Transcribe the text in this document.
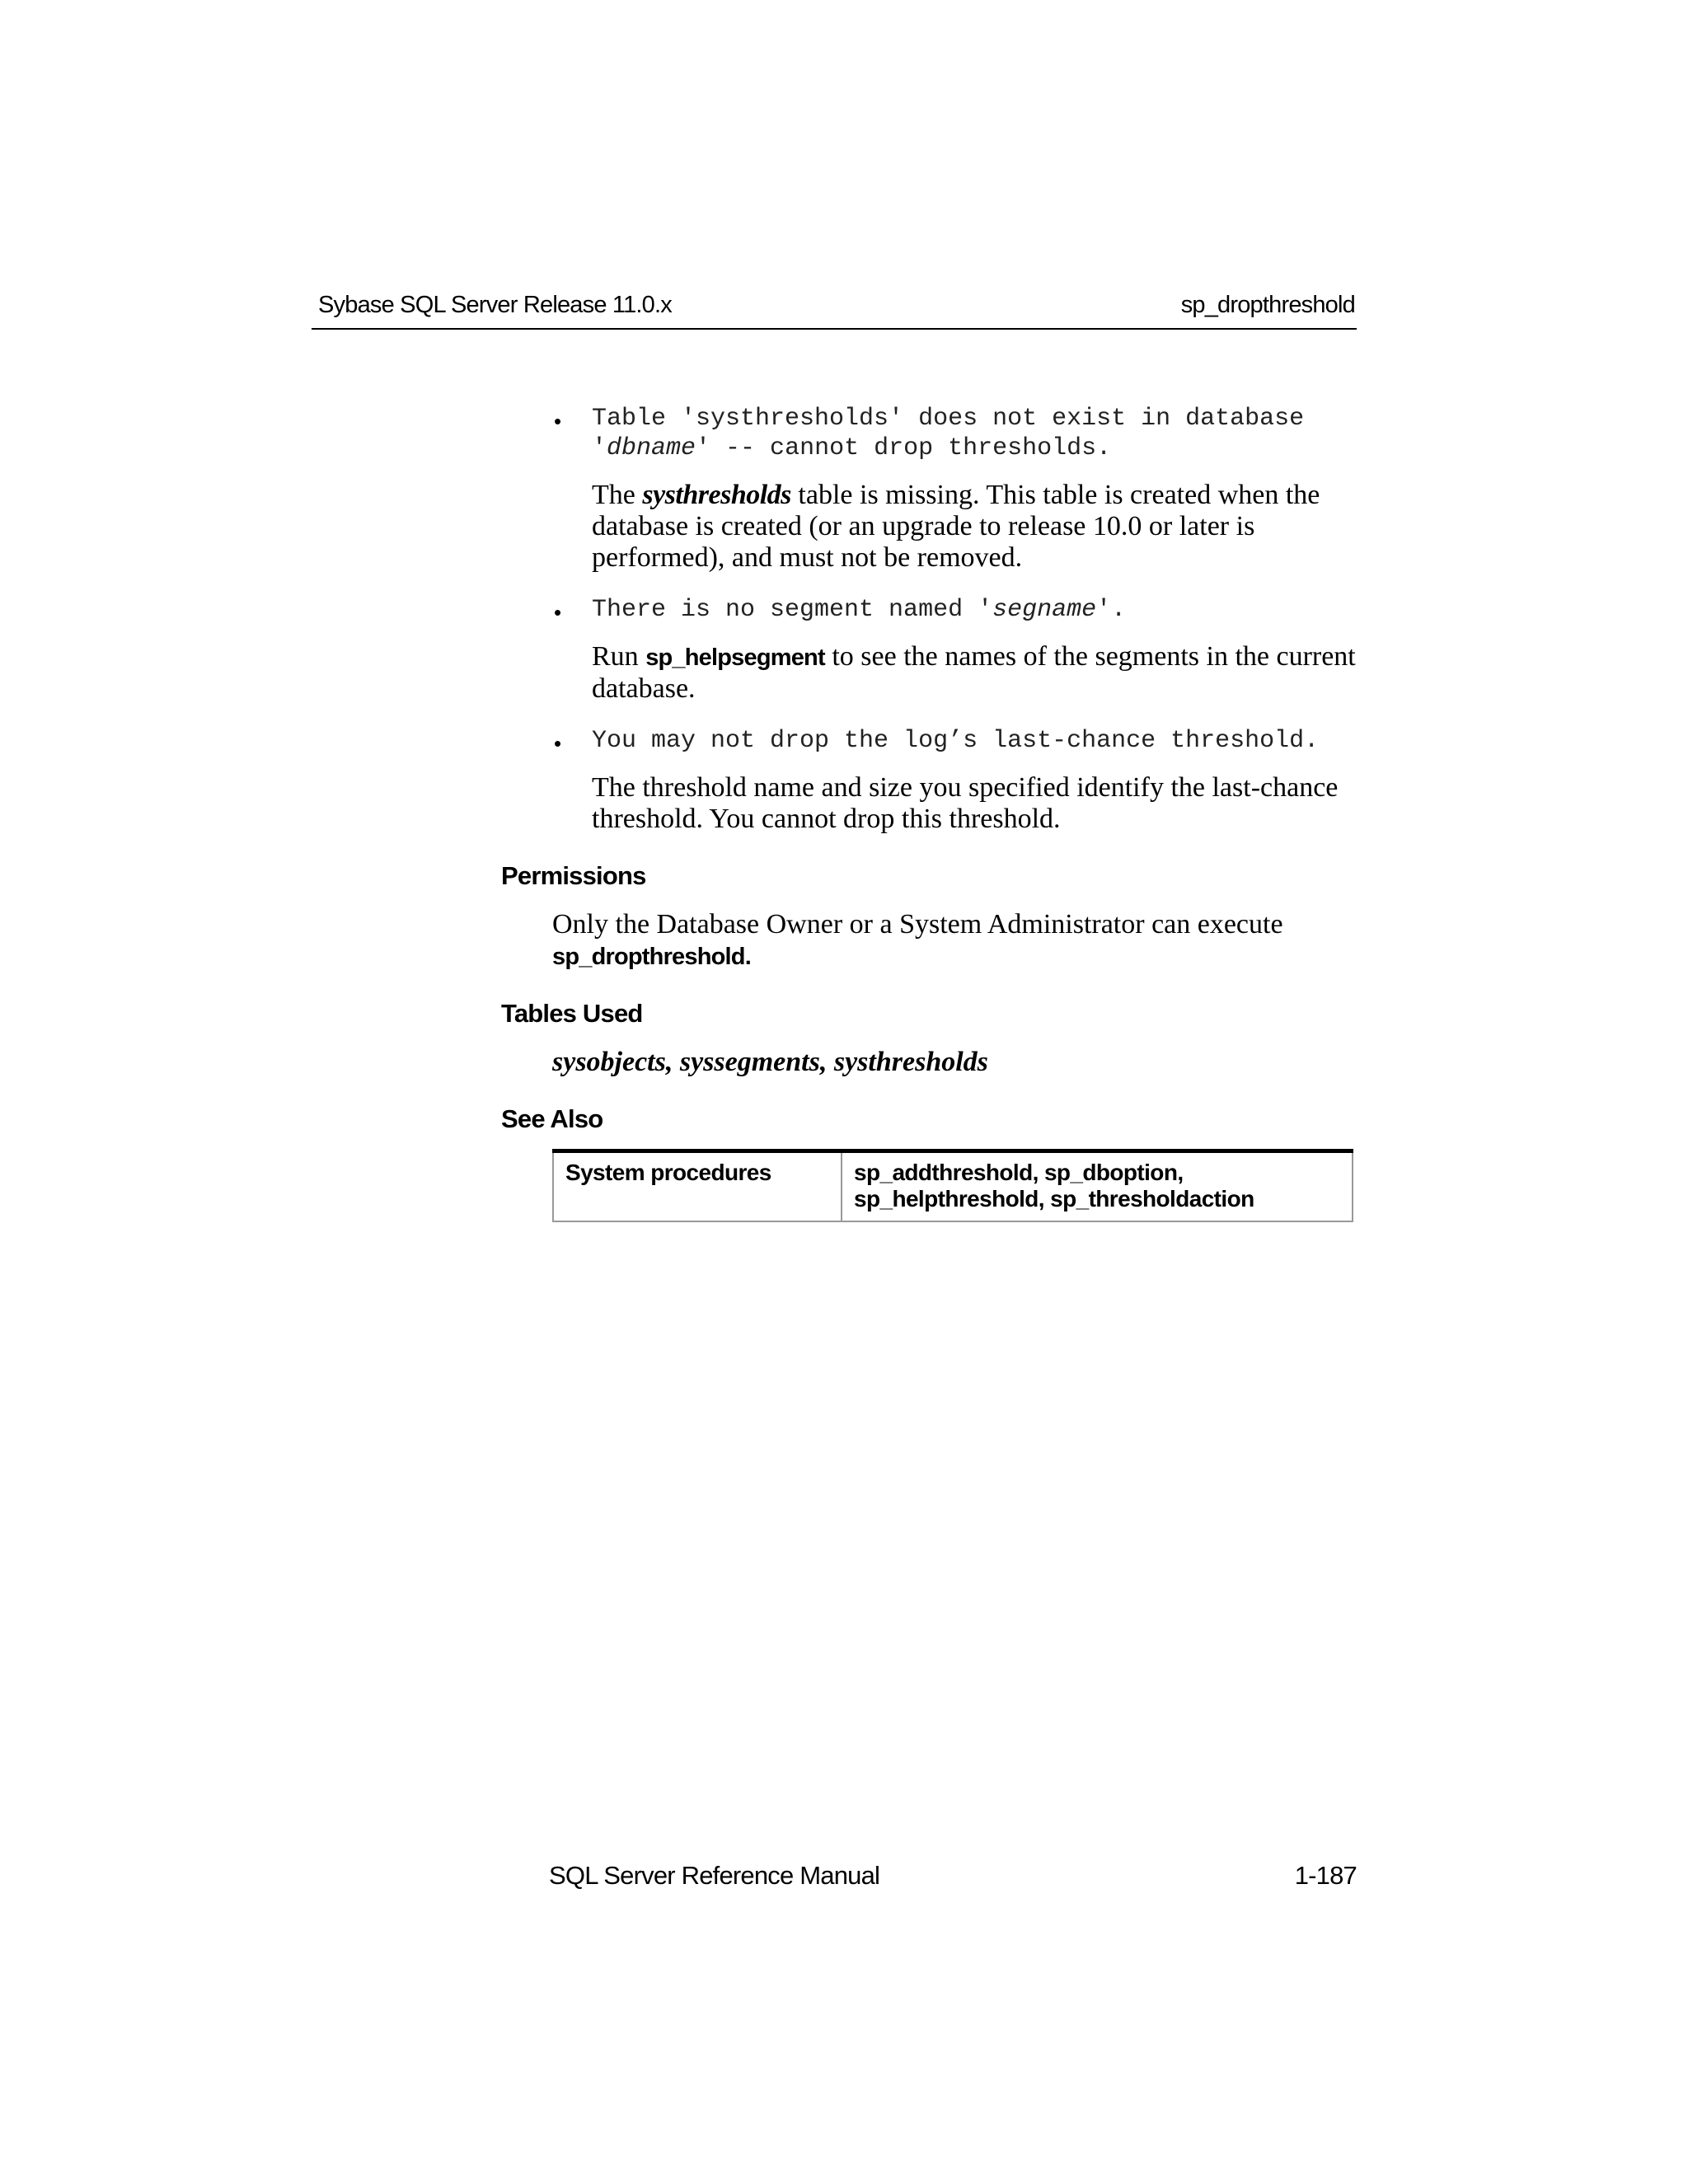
Sybase SQL Server Release 11.0.x	sp_dropthreshold
• Table 'systhresholds' does not exist in database
'dbname' -- cannot drop thresholds.
The systhresholds table is missing. This table is created when the database is created (or an upgrade to release 10.0 or later is performed), and must not be removed.
• There is no segment named 'segname'.
Run sp_helpsegment to see the names of the segments in the current database.
• You may not drop the log’s last-chance threshold.
The threshold name and size you specified identify the last-chance threshold. You cannot drop this threshold.
Permissions
Only the Database Owner or a System Administrator can execute
sp_dropthreshold.
Tables Used
sysobjects, syssegments, systhresholds
See Also
System procedures	sp_addthreshold, sp_dboption, sp_helpthreshold, sp_thresholdaction
SQL Server Reference Manual	1-187
